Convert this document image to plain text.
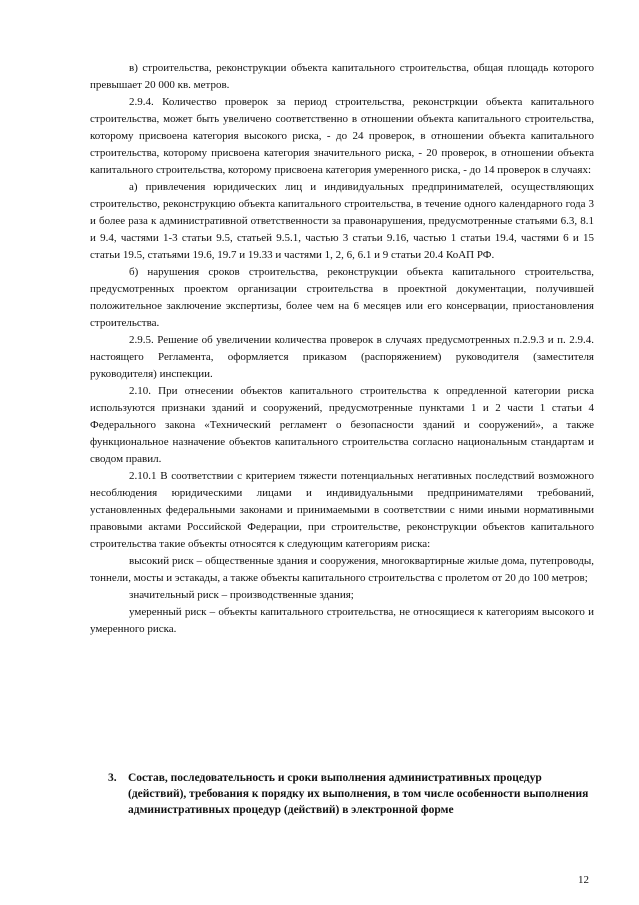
в) строительства, реконструкции объекта капитального строительства, общая площадь которого превышает 20 000 кв. метров.

2.9.4. Количество проверок за период строительства, реконстркции объекта капитального строительства, может быть увеличено соответственно в отношении объекта капитального строительства, которому присвоена категория высокого риска, - до 24 проверок, в отношении объекта капитального строительства, которому присвоена категория значительного риска, - 20 проверок, в отношении объекта капитального строительства, которому присвоена категория умеренного риска, - до 14 проверок в случаях:

а) привлечения юридических лиц и индивидуальных предпринимателей, осуществляющих строительство, реконструкцию объекта капитального строительства, в течение одного календарного года 3 и более раза к административной ответственности за правонарушения, предусмотренные статьями 6.3, 8.1 и 9.4, частями 1-3 статьи 9.5, статьей 9.5.1, частью 3 статьи 9.16, частью 1 статьи 19.4, частями 6 и 15 статьи 19.5, статьями 19.6, 19.7 и 19.33 и частями 1, 2, 6, 6.1 и 9 статьи 20.4 КоАП РФ.

б) нарушения сроков строительства, реконструкции объекта капитального строительства, предусмотренных проектом организации строительства в проектной документации, получившей положительное заключение экспертизы, более чем на 6 месяцев или его консервации, приостановления строительства.

2.9.5. Решение об увеличении количества проверок в случаях предусмотренных п.2.9.3 и п. 2.9.4. настоящего Регламента, оформляется приказом (распоряжением) руководителя (заместителя руководителя) инспекции.

2.10. При отнесении объектов капитального строительства к опредленной категории риска используются признаки зданий и сооружений, предусмотренные пунктами 1 и 2 части 1 статьи 4 Федерального закона «Технический регламент о безопасности зданий и сооружений», а также функциональное назначение объектов капитального строительства согласно национальным стандартам и сводом правил.

2.10.1 В соответствии с критерием тяжести потенциальных негативных последствий возможного несоблюдения юридическими лицами и индивидуальными предпринимателями требований, установленных федеральными законами и принимаемыми в соответствии с ними иными нормативными правовыми актами Российской Федерации, при строительстве, реконструкции объектов капитального строительства такие объекты относятся к следующим категориям риска:

высокий риск – общественные здания и сооружения, многоквартирные жилые дома, путепроводы, тоннели, мосты и эстакады, а также объекты капитального строительства с пролетом от 20 до 100 метров;

значительный риск – производственные здания;

умеренный риск – объекты капитального строительства, не относящиеся к категориям высокого и умеренного риска.

3. Состав, последовательность и сроки выполнения административных процедур (действий), требования к порядку их выполнения, в том числе особенности выполнения административных процедур (действий) в электронной форме
12
